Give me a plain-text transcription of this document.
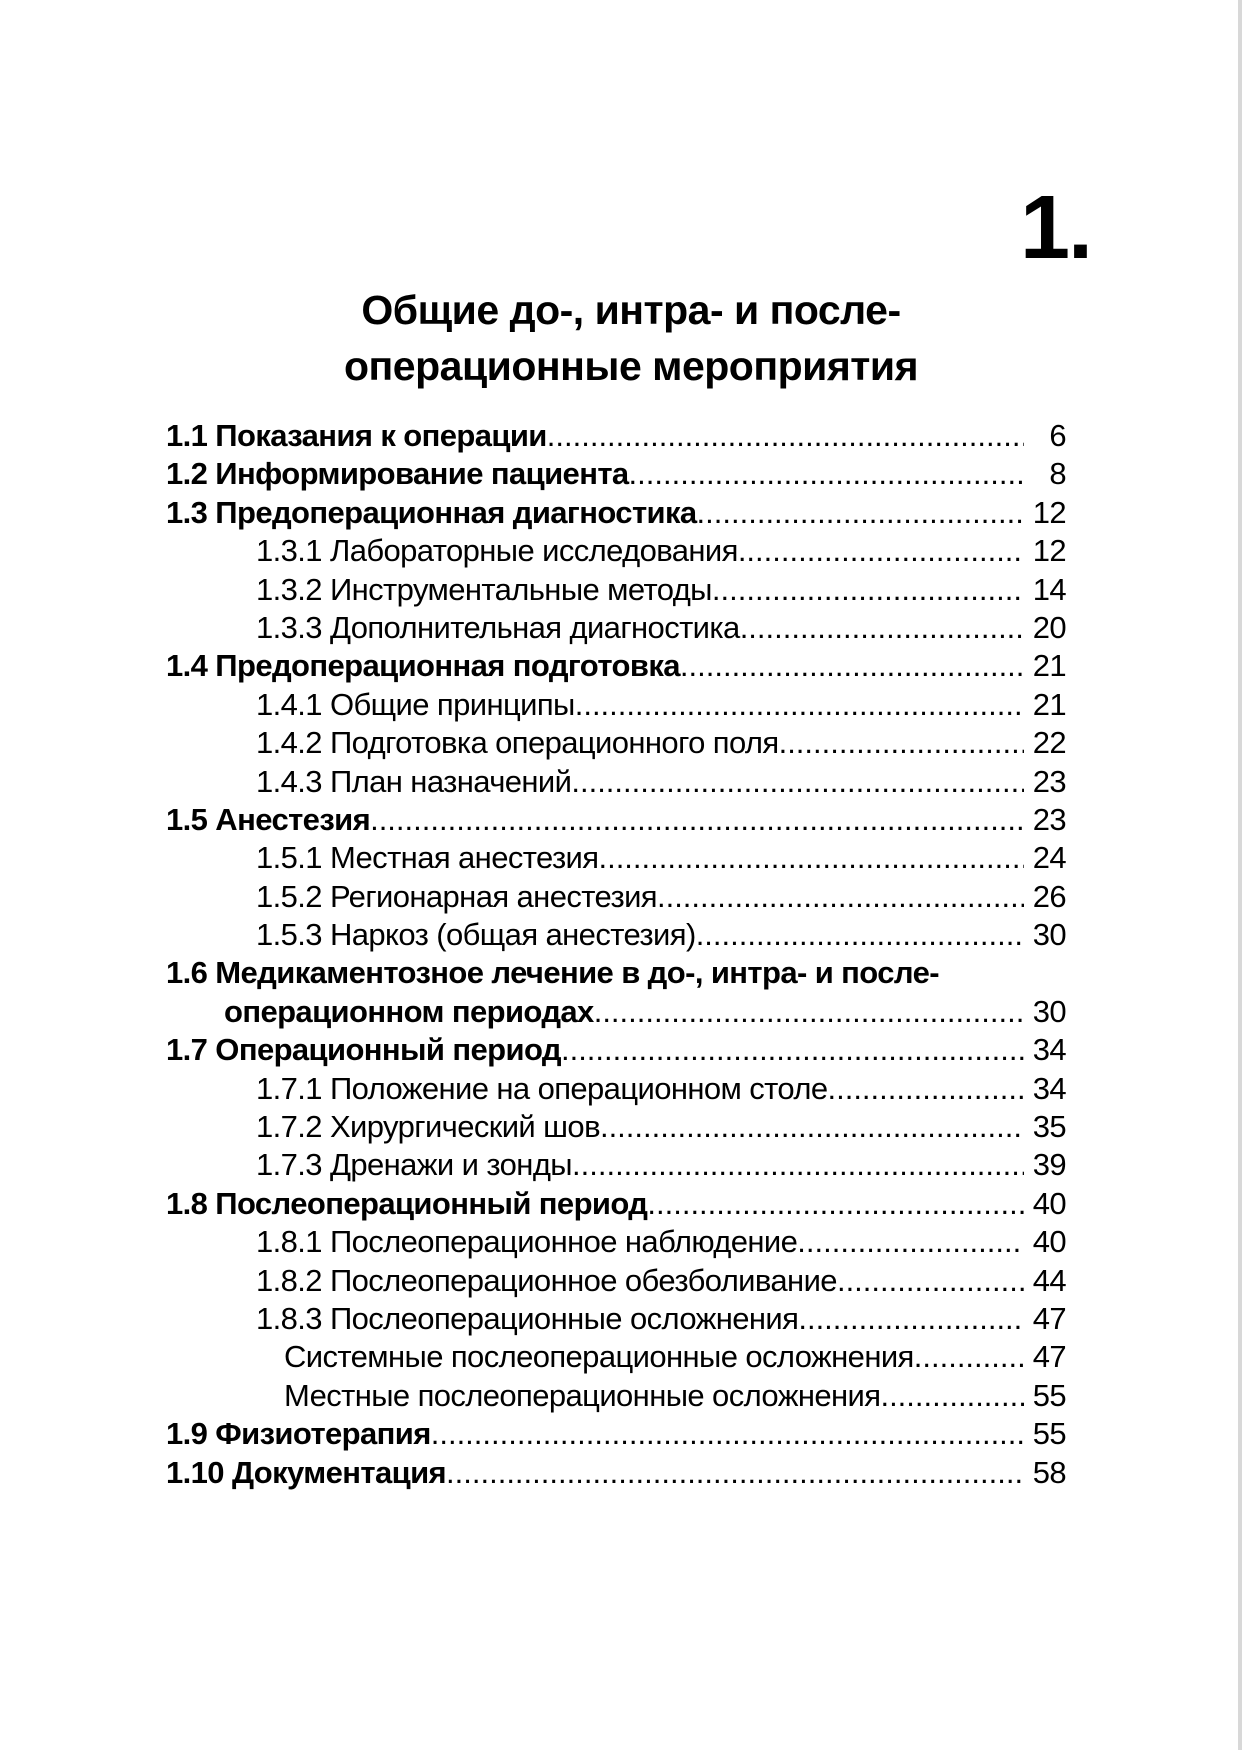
1.
Общие до-, интра- и после-
операционные мероприятия
1.1 Показания к операции .....	6
1.2 Информирование пациента .....	8
1.3 Предоперационная диагностика .....	12
1.3.1 Лабораторные исследования .....	12
1.3.2 Инструментальные методы .....	14
1.3.3 Дополнительная диагностика .....	20
1.4 Предоперационная подготовка .....	21
1.4.1 Общие принципы .....	21
1.4.2 Подготовка операционного поля .....	22
1.4.3 План назначений .....	23
1.5 Анестезия .....	23
1.5.1 Местная анестезия .....	24
1.5.2 Регионарная анестезия .....	26
1.5.3 Наркоз (общая анестезия) .....	30
1.6 Медикаментозное лечение в до-, интра- и после-
операционном периодах .....	30
1.7 Операционный период .....	34
1.7.1 Положение на операционном столе .....	34
1.7.2 Хирургический шов .....	35
1.7.3 Дренажи и зонды .....	39
1.8 Послеоперационный период .....	40
1.8.1 Послеоперационное наблюдение .....	40
1.8.2 Послеоперационное обезболивание .....	44
1.8.3 Послеоперационные осложнения .....	47
Системные послеоперационные осложнения .....	47
Местные послеоперационные осложнения .....	55
1.9 Физиотерапия .....	55
1.10 Документация .....	58
